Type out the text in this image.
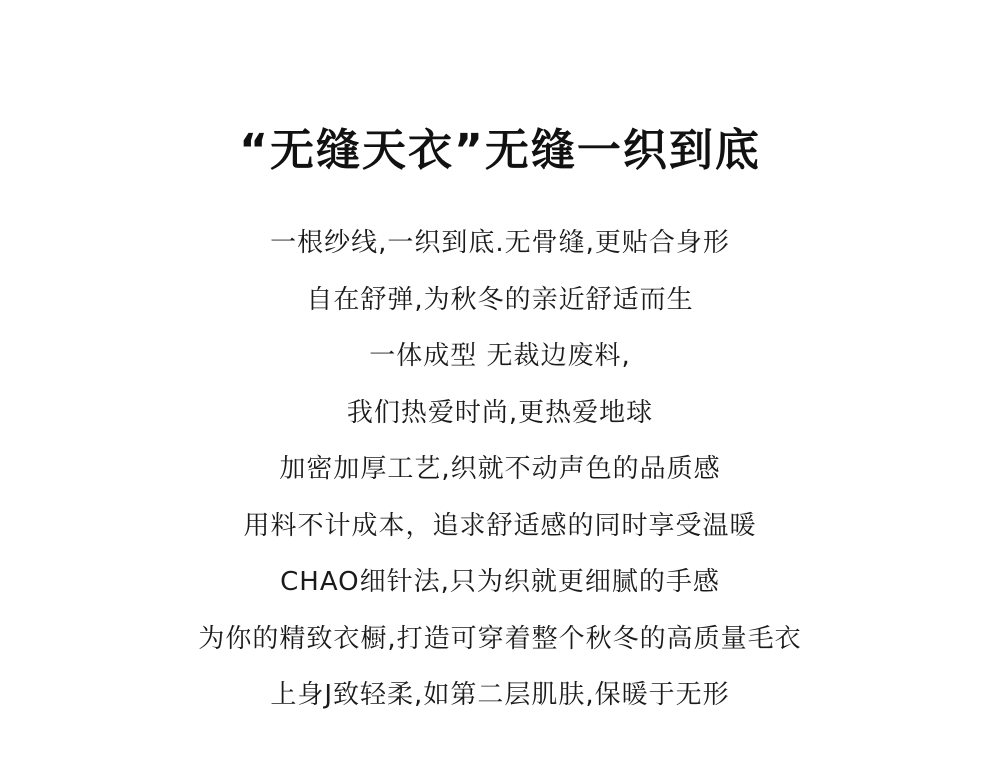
“无缝天衣”无缝一织到底
一根纱线,一织到底.无骨缝,更贴合身形
自在舒弹,为秋冬的亲近舒适而生
一体成型 无裁边废料,
我们热爱时尚,更热爱地球
加密加厚工艺,织就不动声色的品质感
用料不计成本，追求舒适感的同时享受温暖
CHAO细针法,只为织就更细腻的手感
为你的精致衣橱,打造可穿着整个秋冬的高质量毛衣
上身J致轻柔,如第二层肌肤,保暖于无形
